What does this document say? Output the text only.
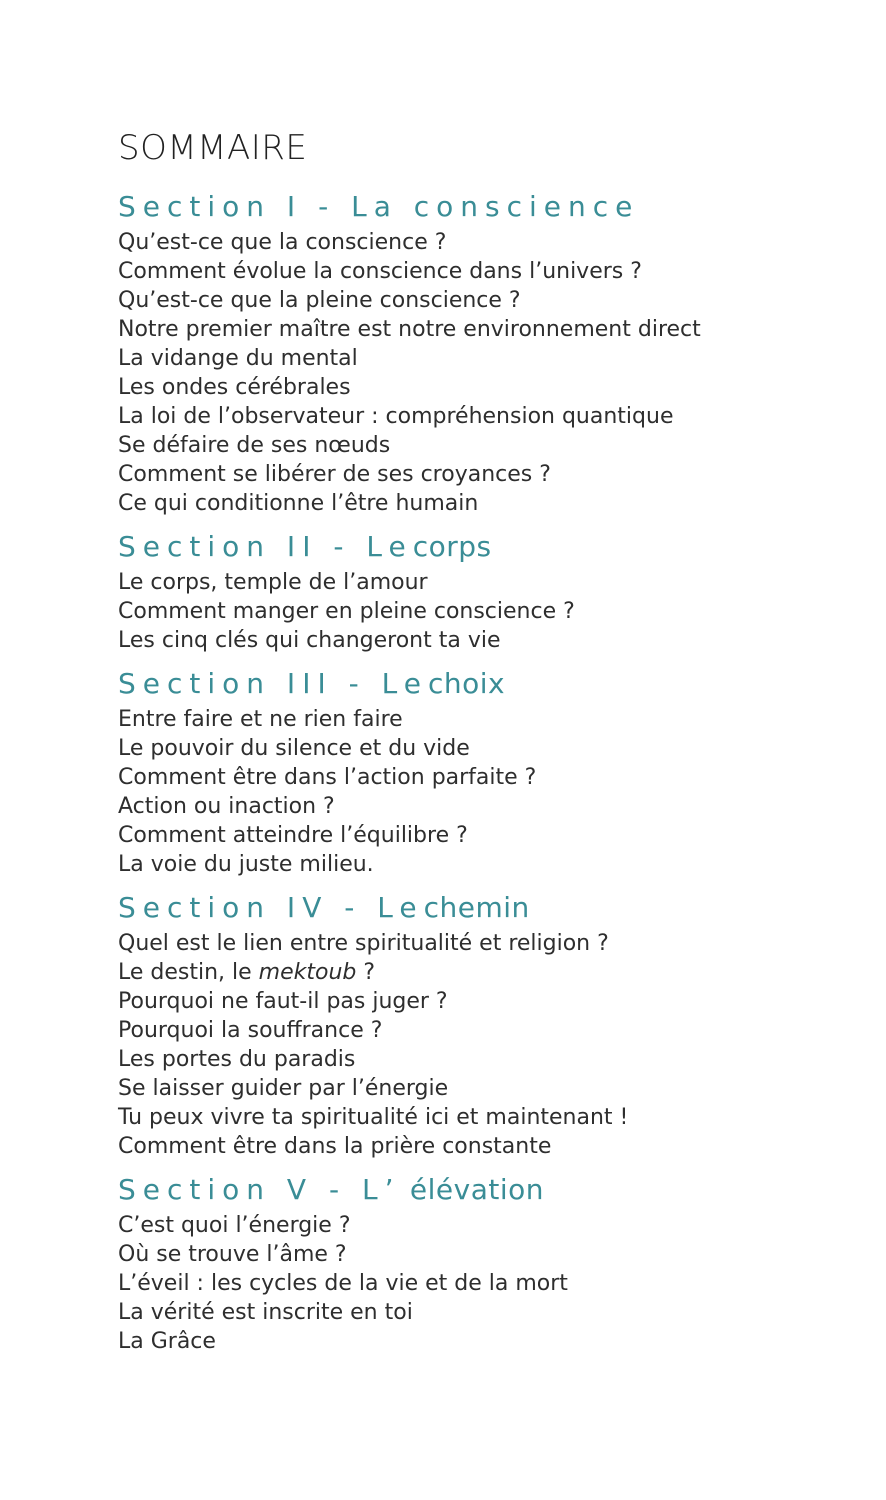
SOMMAIRE
Section I - La conscience
Qu’est-ce que la conscience ?
Comment évolue la conscience dans l’univers ?
Qu’est-ce que la pleine conscience ?
Notre premier maître est notre environnement direct
La vidange du mental
Les ondes cérébrales
La loi de l’observateur : compréhension quantique
Se défaire de ses nœuds
Comment se libérer de ses croyances ?
Ce qui conditionne l’être humain
Section II - Lecorps
Le corps, temple de l’amour
Comment manger en pleine conscience ?
Les cinq clés qui changeront ta vie
Section III - Lechoix
Entre faire et ne rien faire
Le pouvoir du silence et du vide
Comment être dans l’action parfaite ?
Action ou inaction ?
Comment atteindre l’équilibre ?
La voie du juste milieu.
Section IV - Lechemin
Quel est le lien entre spiritualité et religion ?
Le destin, le mektoub ?
Pourquoi ne faut-il pas juger ?
Pourquoi la souffrance ?
Les portes du paradis
Se laisser guider par l’énergie
Tu peux vivre ta spiritualité ici et maintenant !
Comment être dans la prière constante
Section V - L’ élévation
C’est quoi l’énergie ?
Où se trouve l’âme ?
L’éveil : les cycles de la vie et de la mort
La vérité est inscrite en toi
La Grâce
